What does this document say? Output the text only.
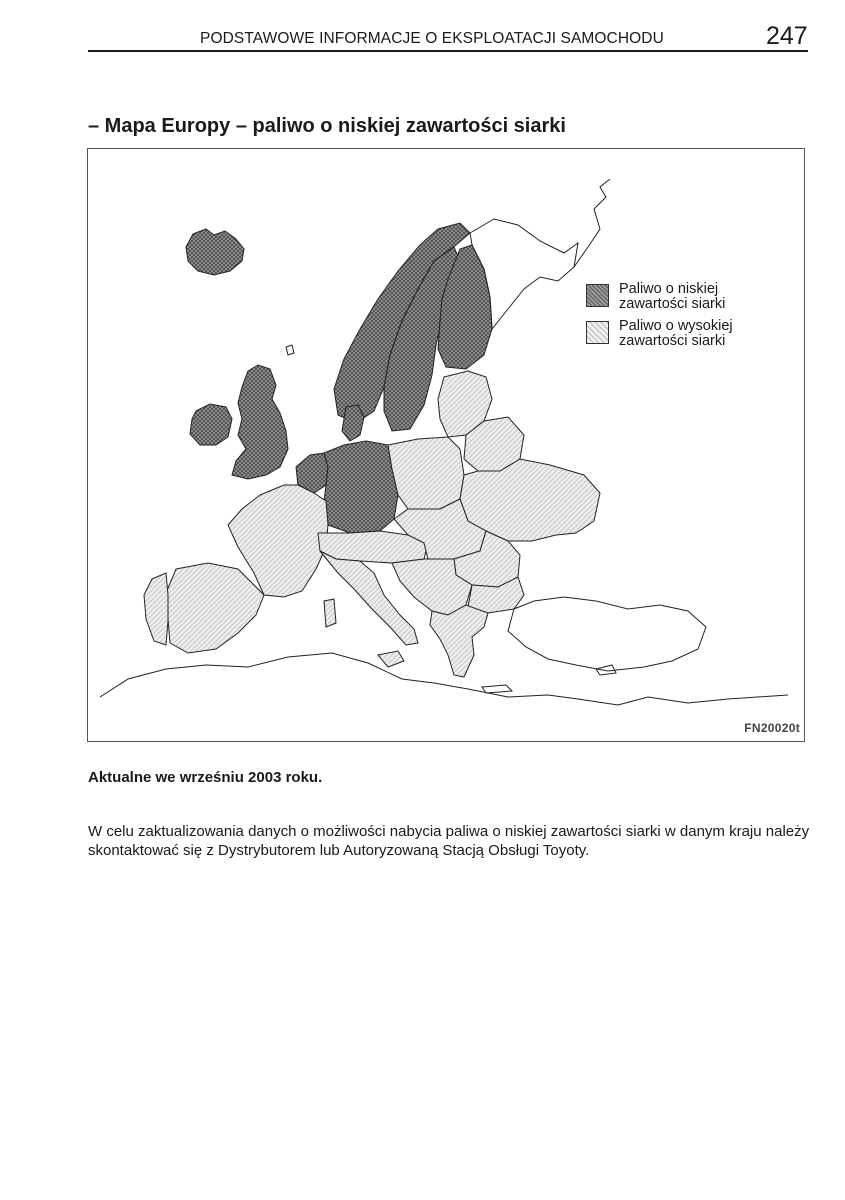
PODSTAWOWE INFORMACJE O EKSPLOATACJI SAMOCHODU	247
– Mapa Europy – paliwo o niskiej zawartości siarki
Paliwo o niskiej zawartości siarki
Paliwo o wysokiej zawartości siarki
FN20020t
Aktualne we wrześniu 2003 roku.
W celu zaktualizowania danych o możliwości nabycia paliwa o niskiej zawartości siarki w danym kraju należy skontaktować się z Dystrybutorem lub Autoryzowaną Stacją Obsługi Toyoty.
